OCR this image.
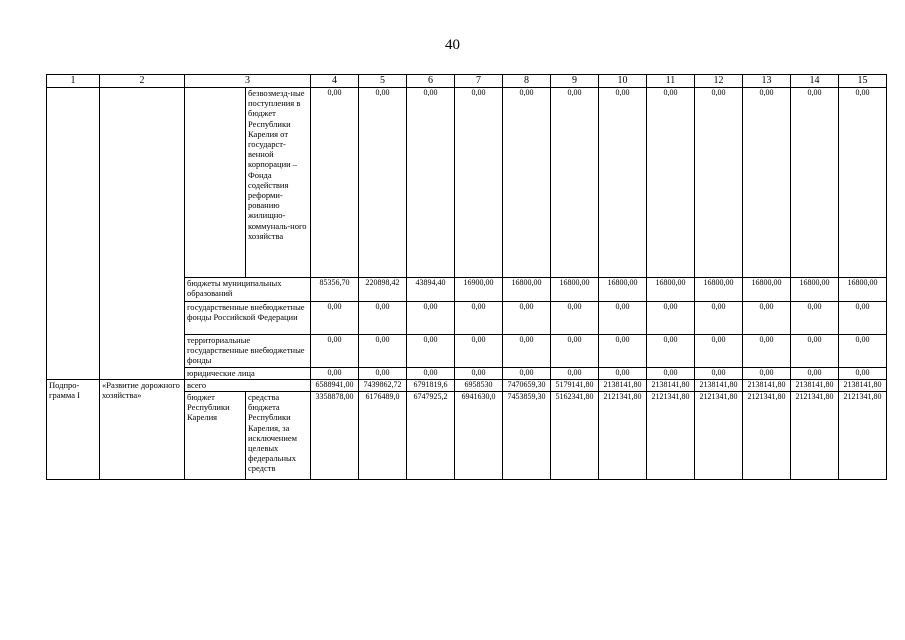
40
1	2	3		4	5	6	7	8	9	10	11	12	13	14	15
			безвозмезд-ные поступления в бюджет Республики Карелия от государст-венной корпорации – Фонда содействия реформи-рованию жилищно-коммуналь-ного хозяйства	0,00	0,00	0,00	0,00	0,00	0,00	0,00	0,00	0,00	0,00	0,00	0,00
		бюджеты муниципальных образований		85356,70	220898,42	43894,40	16900,00	16800,00	16800,00	16800,00	16800,00	16800,00	16800,00	16800,00	16800,00
		государственные внебюджетные фонды Российской Федерации		0,00	0,00	0,00	0,00	0,00	0,00	0,00	0,00	0,00	0,00	0,00	0,00
		территориальные государственные внебюджетные фонды		0,00	0,00	0,00	0,00	0,00	0,00	0,00	0,00	0,00	0,00	0,00	0,00
		юридические лица		0,00	0,00	0,00	0,00	0,00	0,00	0,00	0,00	0,00	0,00	0,00	0,00
Подпро-грамма I	«Развитие дорожного хозяйства»	всего		6588941,00	7439862,72	6791819,6	6958530	7470659,30	5179141,80	2138141,80	2138141,80	2138141,80	2138141,80	2138141,80	2138141,80
		бюджет Республики Карелия	средства бюджета Республики Карелия, за исключением целевых федеральных средств	3358878,00	6176489,0	6747925,2	6941630,0	7453859,30	5162341,80	2121341,80	2121341,80	2121341,80	2121341,80	2121341,80	2121341,80
